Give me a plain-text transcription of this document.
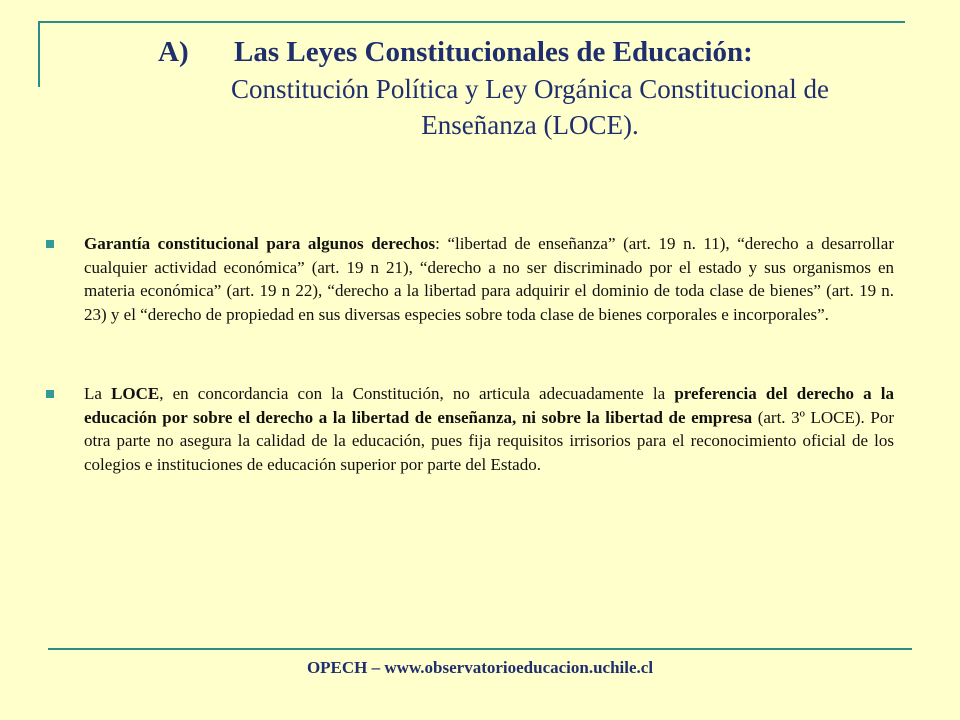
A) Las Leyes Constitucionales de Educación:
Constitución Política y Ley Orgánica Constitucional de Enseñanza (LOCE).
Garantía constitucional para algunos derechos: “libertad de enseñanza” (art. 19 n. 11), “derecho a desarrollar cualquier actividad económica” (art. 19 n 21), “derecho a no ser discriminado por el estado y sus organismos en materia económica” (art. 19 n 22), “derecho a la libertad para adquirir el dominio de toda clase de bienes” (art. 19 n. 23) y el “derecho de propiedad en sus diversas especies sobre toda clase de bienes corporales e incorporales”.
La LOCE, en concordancia con la Constitución, no articula adecuadamente la preferencia del derecho a la educación por sobre el derecho a la libertad de enseñanza, ni sobre la libertad de empresa (art. 3º LOCE). Por otra parte no asegura la calidad de la educación, pues fija requisitos irrisorios para el reconocimiento oficial de los colegios e instituciones de educación superior por parte del Estado.
OPECH – www.observatorioeducacion.uchile.cl
